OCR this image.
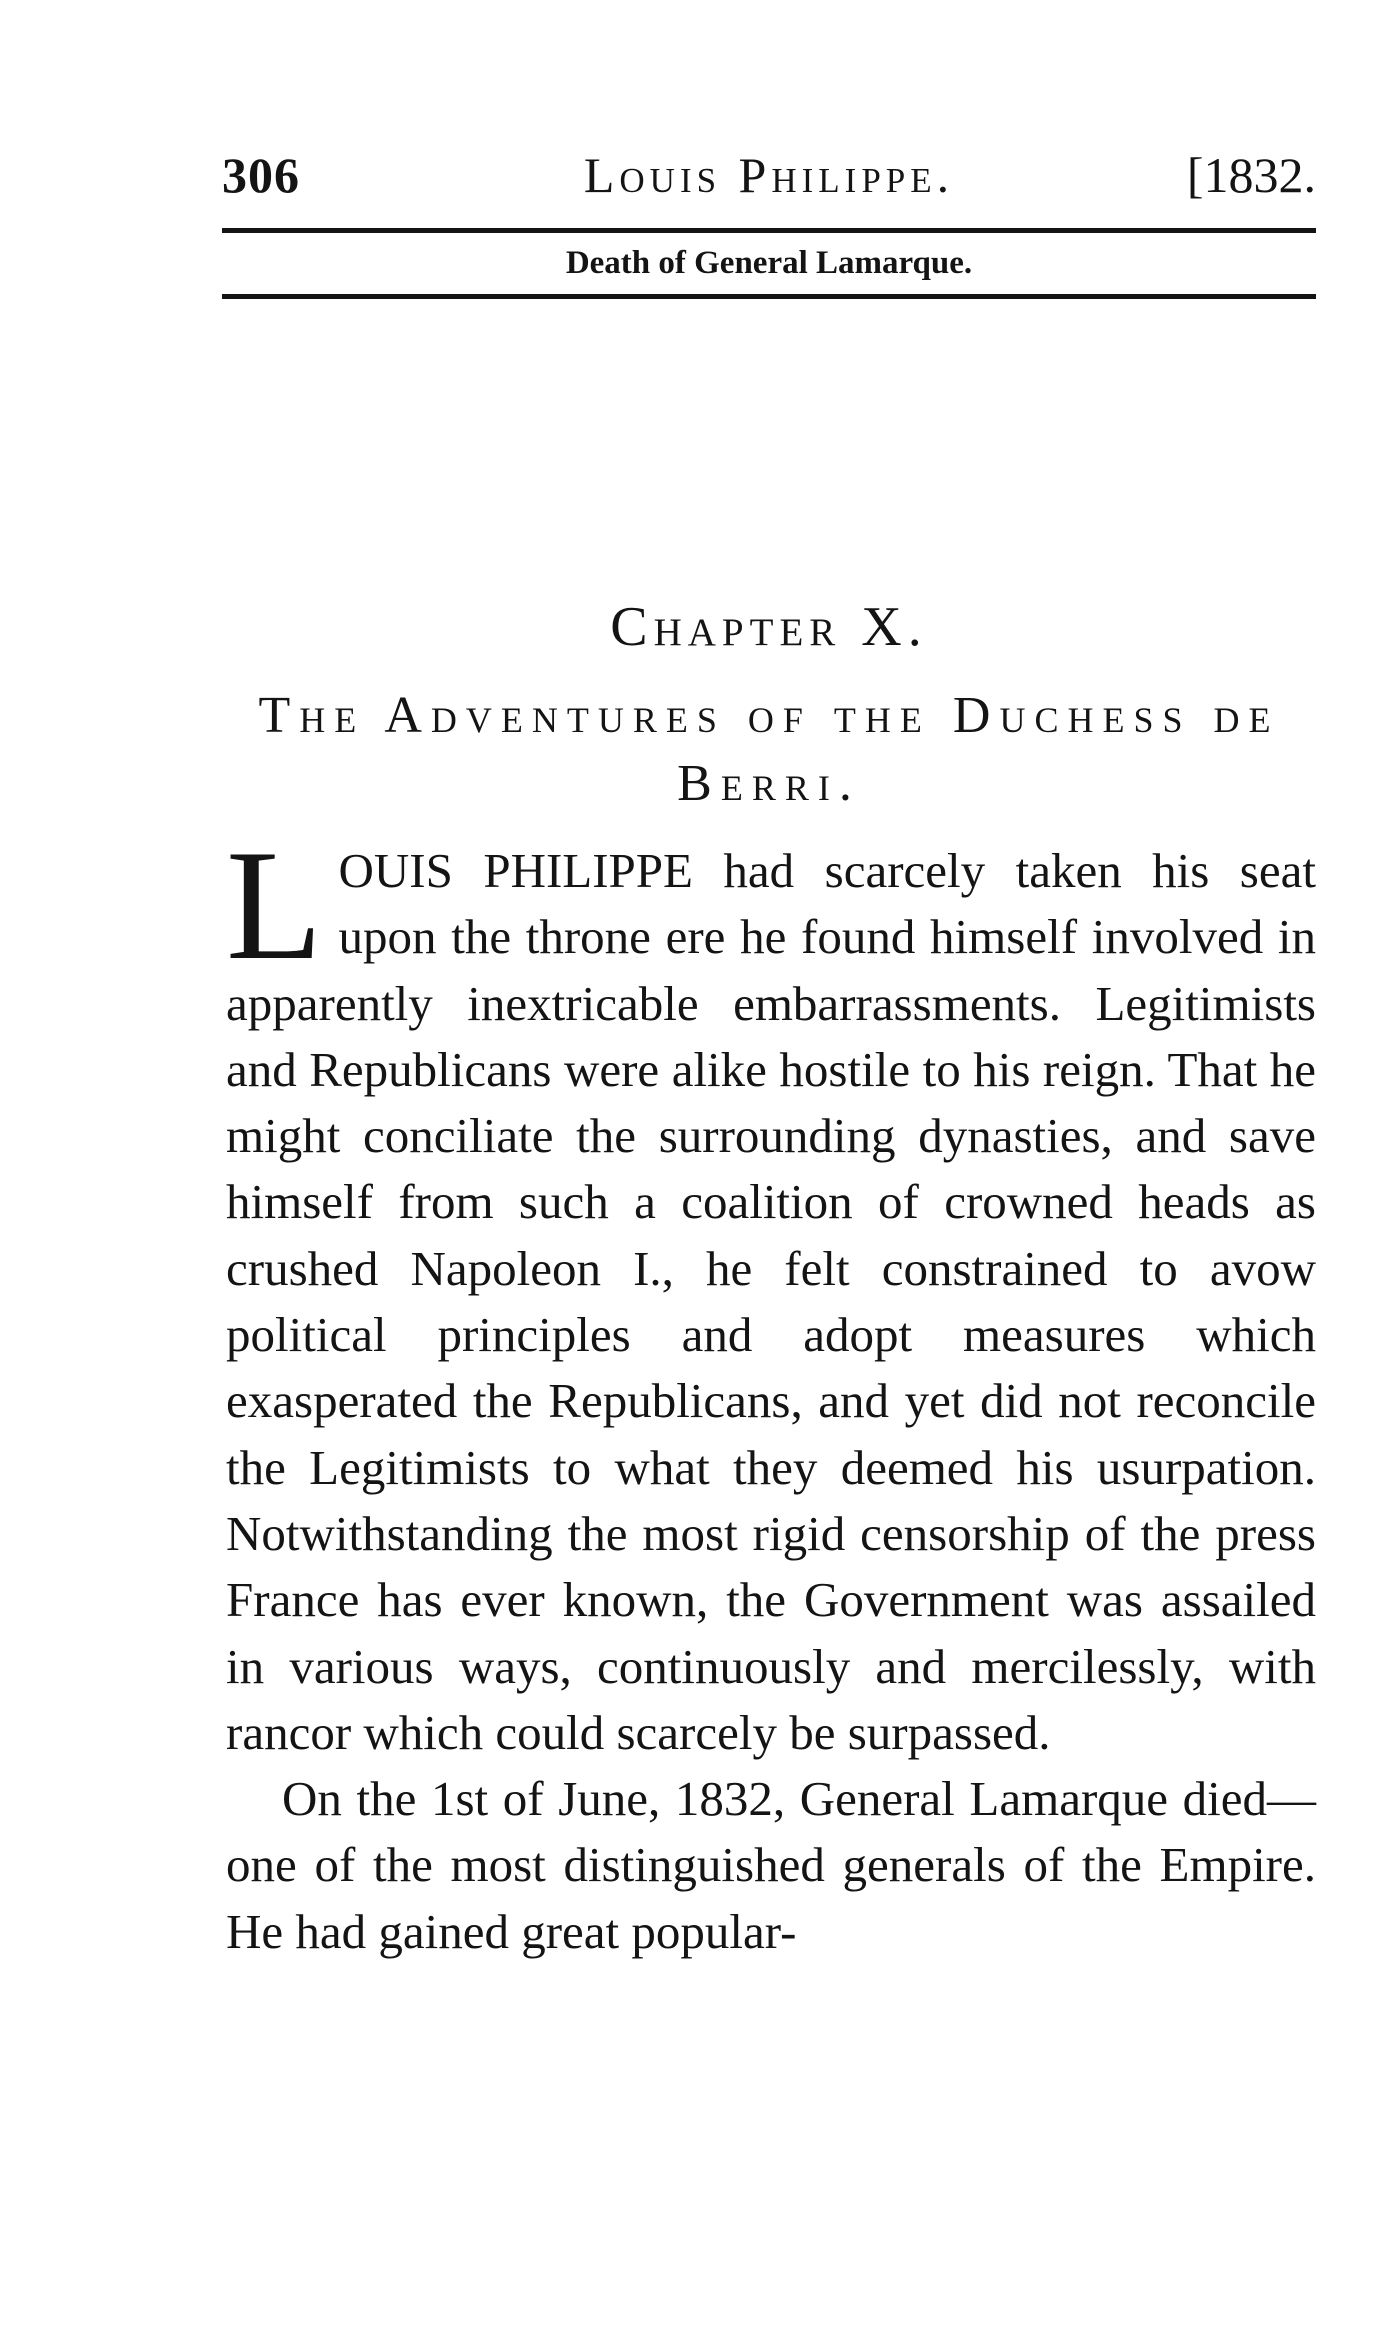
306	Louis Philippe.	[1832.
Death of General Lamarque.
Chapter X.
The Adventures of the Duchess de Berri.

L OUIS PHILIPPE had scarcely taken his seat upon the throne ere he found himself involved in apparently inextricable embarrassments. Legitimists and Republicans were alike hostile to his reign. That he might conciliate the surrounding dynasties, and save himself from such a coalition of crowned heads as crushed Napoleon I., he felt constrained to avow political principles and adopt measures which exasperated the Republicans, and yet did not reconcile the Legitimists to what they deemed his usurpation. Notwithstanding the most rigid censorship of the press France has ever known, the Government was assailed in various ways, continuously and mercilessly, with rancor which could scarcely be surpassed.

On the 1st of June, 1832, General Lamarque died—one of the most distinguished generals of the Empire. He had gained great popular-
